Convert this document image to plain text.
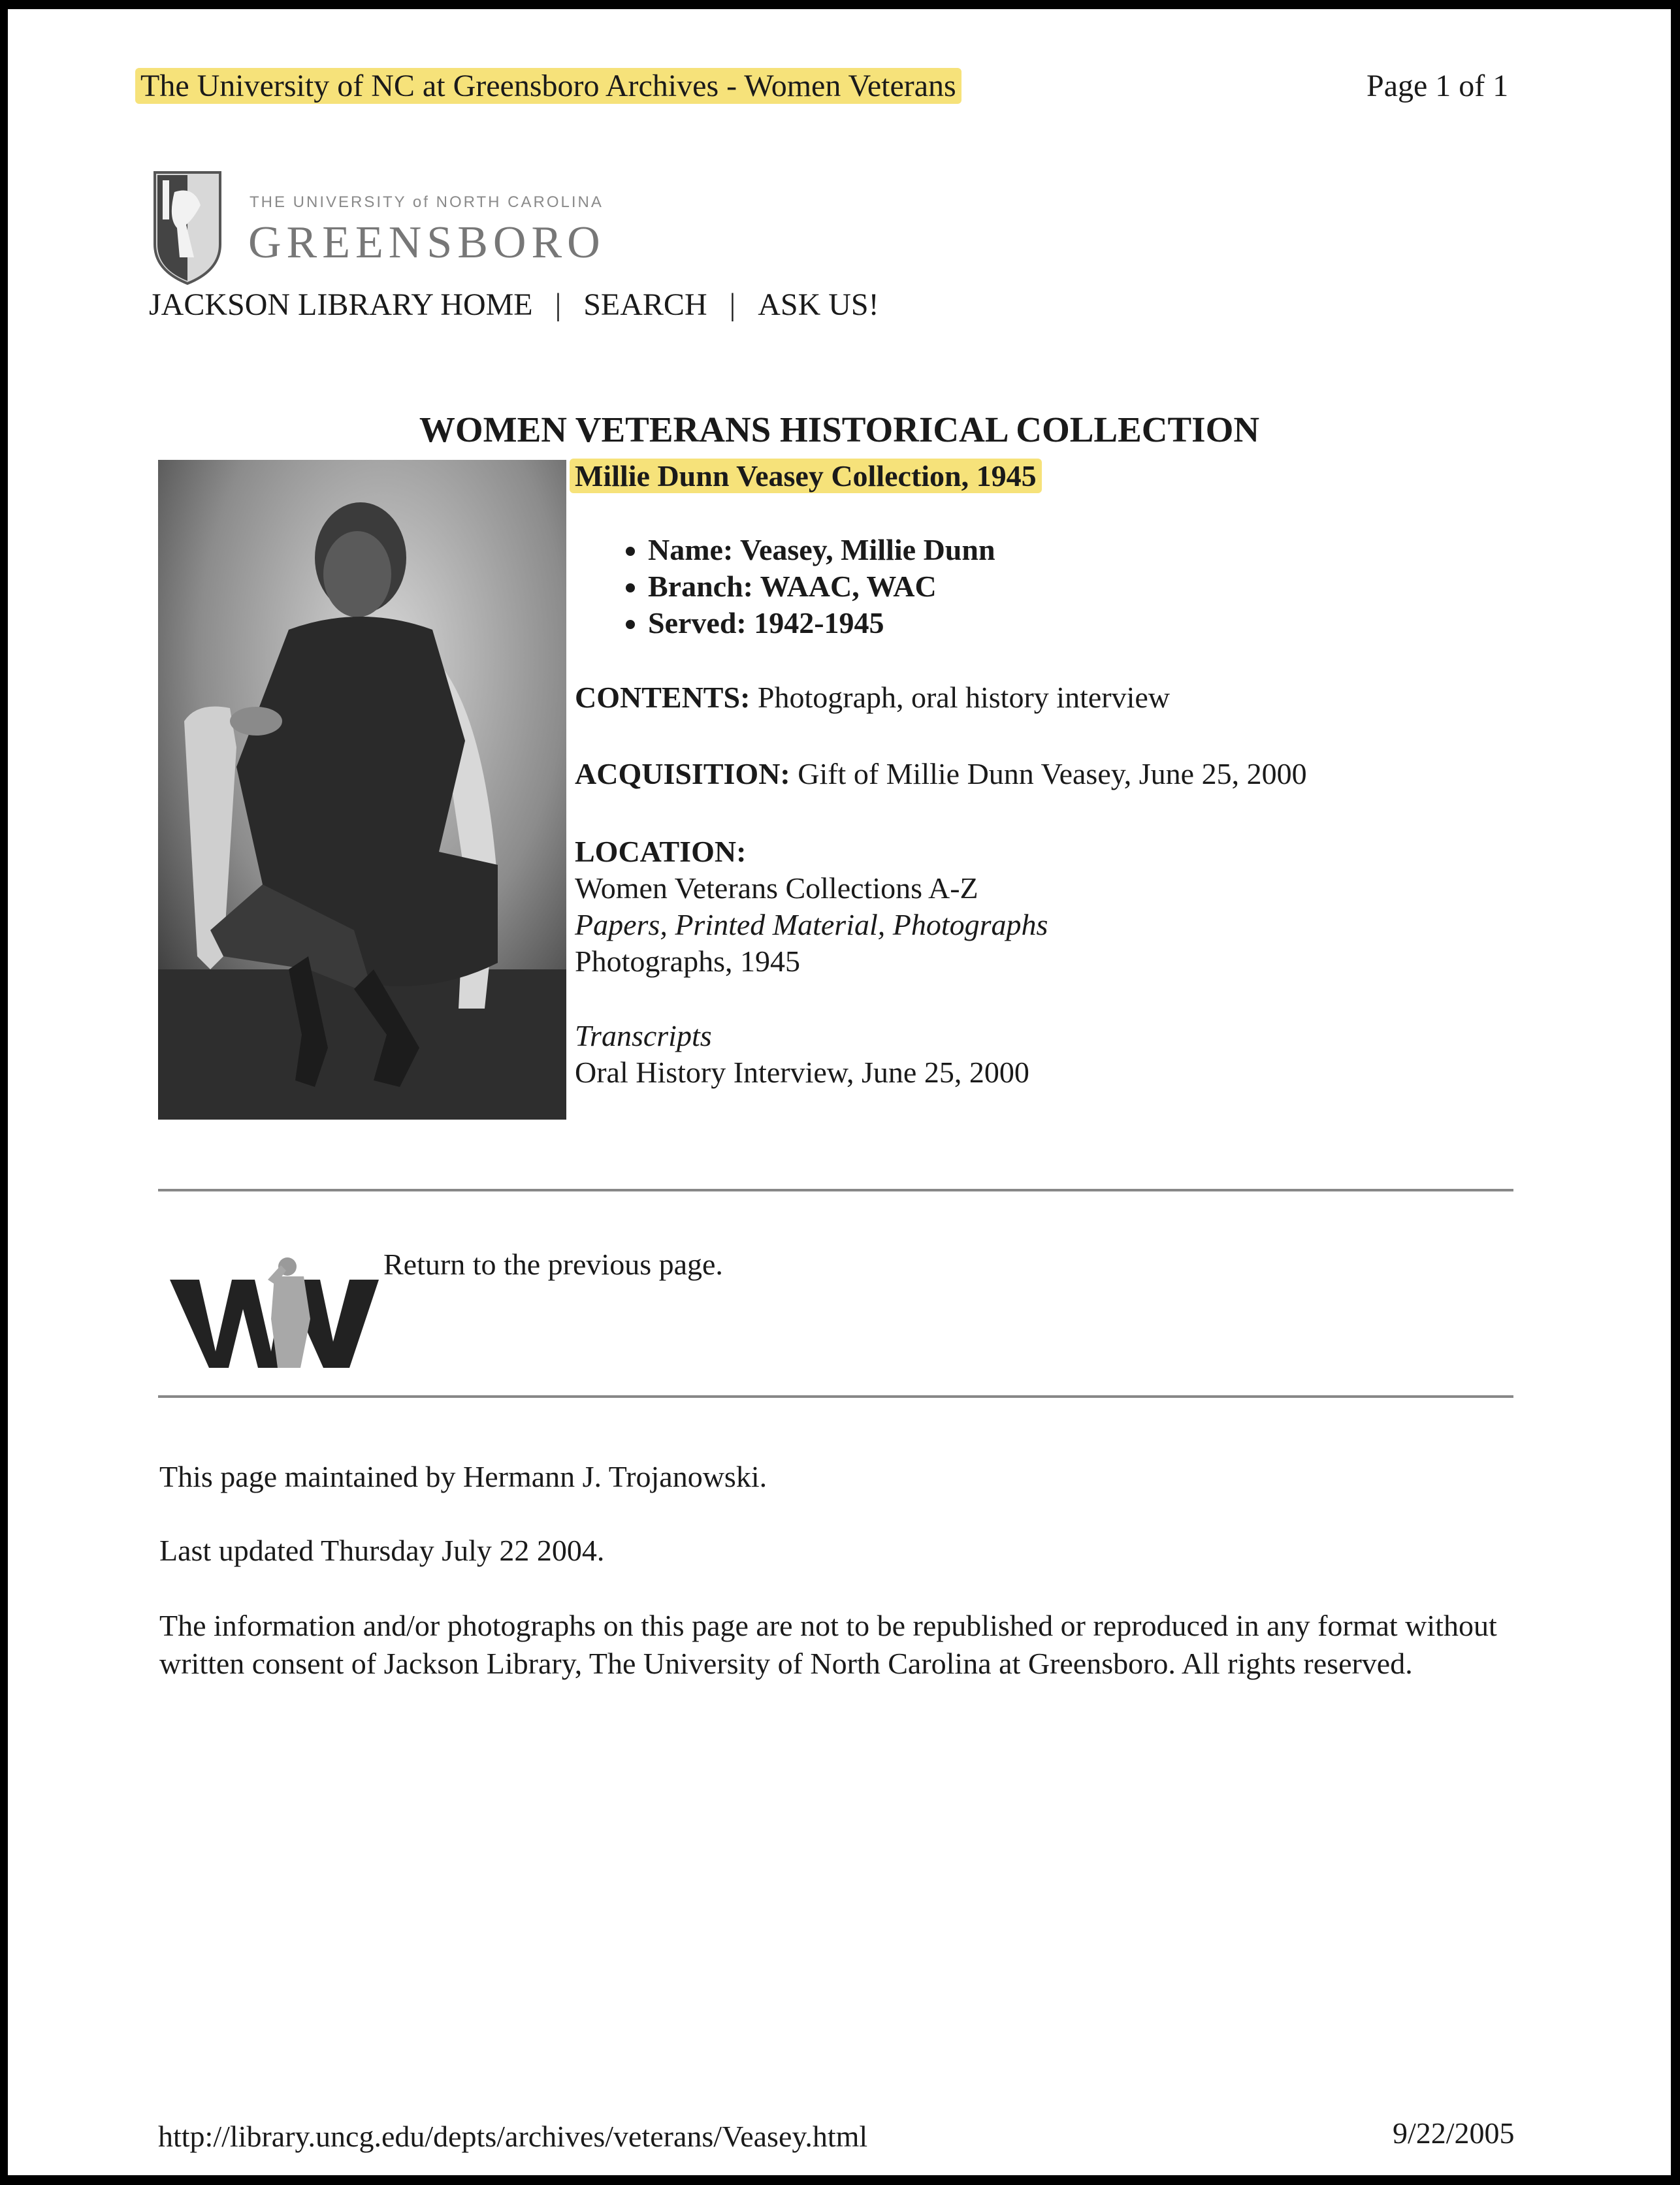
The University of NC at Greensboro Archives - Women Veterans	Page 1 of 1
THE UNIVERSITY of NORTH CAROLINA
GREENSBORO
JACKSON LIBRARY HOME | SEARCH | ASK US!
WOMEN VETERANS HISTORICAL COLLECTION
Millie Dunn Veasey Collection, 1945
• Name: Veasey, Millie Dunn
• Branch: WAAC, WAC
• Served: 1942-1945
CONTENTS: Photograph, oral history interview
ACQUISITION: Gift of Millie Dunn Veasey, June 25, 2000
LOCATION:
Women Veterans Collections A-Z
Papers, Printed Material, Photographs
Photographs, 1945
Transcripts
Oral History Interview, June 25, 2000
Return to the previous page.
This page maintained by Hermann J. Trojanowski.
Last updated Thursday July 22 2004.
The information and/or photographs on this page are not to be republished or reproduced in any format without written consent of Jackson Library, The University of North Carolina at Greensboro. All rights reserved.
http://library.uncg.edu/depts/archives/veterans/Veasey.html	9/22/2005
